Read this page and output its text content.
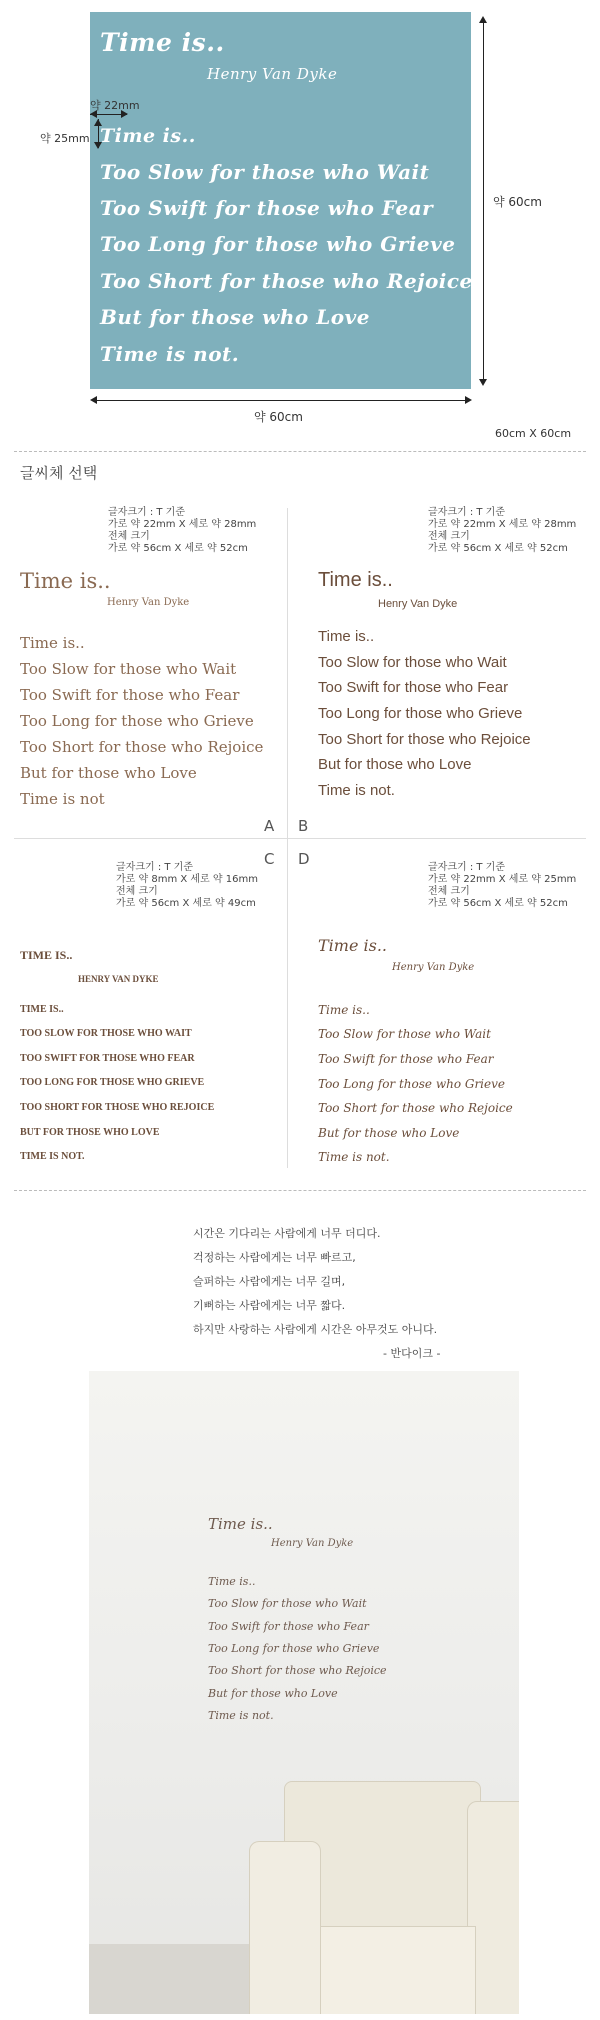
Time is..
Henry Van Dyke
Time is..
Too Slow for those who Wait
Too Swift for those who Fear
Too Long for those who Grieve
Too Short for those who Rejoice
But for those who Love
Time is not.
약 22mm
약 25mm
약 60cm
약 60cm
60cm X 60cm
글씨체 선택
글자크기 : T 기준
가로 약 22mm X 세로 약 28mm
전체 크기
가로 약 56cm X 세로 약 52cm
글자크기 : T 기준
가로 약 22mm X 세로 약 28mm
전체 크기
가로 약 56cm X 세로 약 52cm
Time is..
Henry Van Dyke
Time is..
Too Slow for those who Wait
Too Swift for those who Fear
Too Long for those who Grieve
Too Short for those who Rejoice
But for those who Love
Time is not
A
Time is..
Henry Van Dyke
Time is..
Too Slow for those who Wait
Too Swift for those who Fear
Too Long for those who Grieve
Too Short for those who Rejoice
But for those who Love
Time is not.
B
C D
글자크기 : T 기준
가로 약 8mm X 세로 약 16mm
전체 크기
가로 약 56cm X 세로 약 49cm
글자크기 : T 기준
가로 약 22mm X 세로 약 25mm
전체 크기
가로 약 56cm X 세로 약 52cm
TIME IS..
HENRY VAN DYKE
TIME IS..
TOO SLOW FOR THOSE WHO WAIT
TOO SWIFT FOR THOSE WHO FEAR
TOO LONG FOR THOSE WHO GRIEVE
TOO SHORT FOR THOSE WHO REJOICE
BUT FOR THOSE WHO LOVE
TIME IS NOT.
Time is..
Henry Van Dyke
Time is..
Too Slow for those who Wait
Too Swift for those who Fear
Too Long for those who Grieve
Too Short for those who Rejoice
But for those who Love
Time is not.

시간은 기다리는 사람에게 너무 더디다.

걱정하는 사람에게는 너무 빠르고,

슬퍼하는 사람에게는 너무 길며,

기뻐하는 사람에게는 너무 짧다.

하지만 사랑하는 사람에게 시간은 아무것도 아니다.

- 반다이크 -

Time is..
Henry Van Dyke
Time is..
Too Slow for those who Wait
Too Swift for those who Fear
Too Long for those who Grieve
Too Short for those who Rejoice
But for those who Love
Time is not.
